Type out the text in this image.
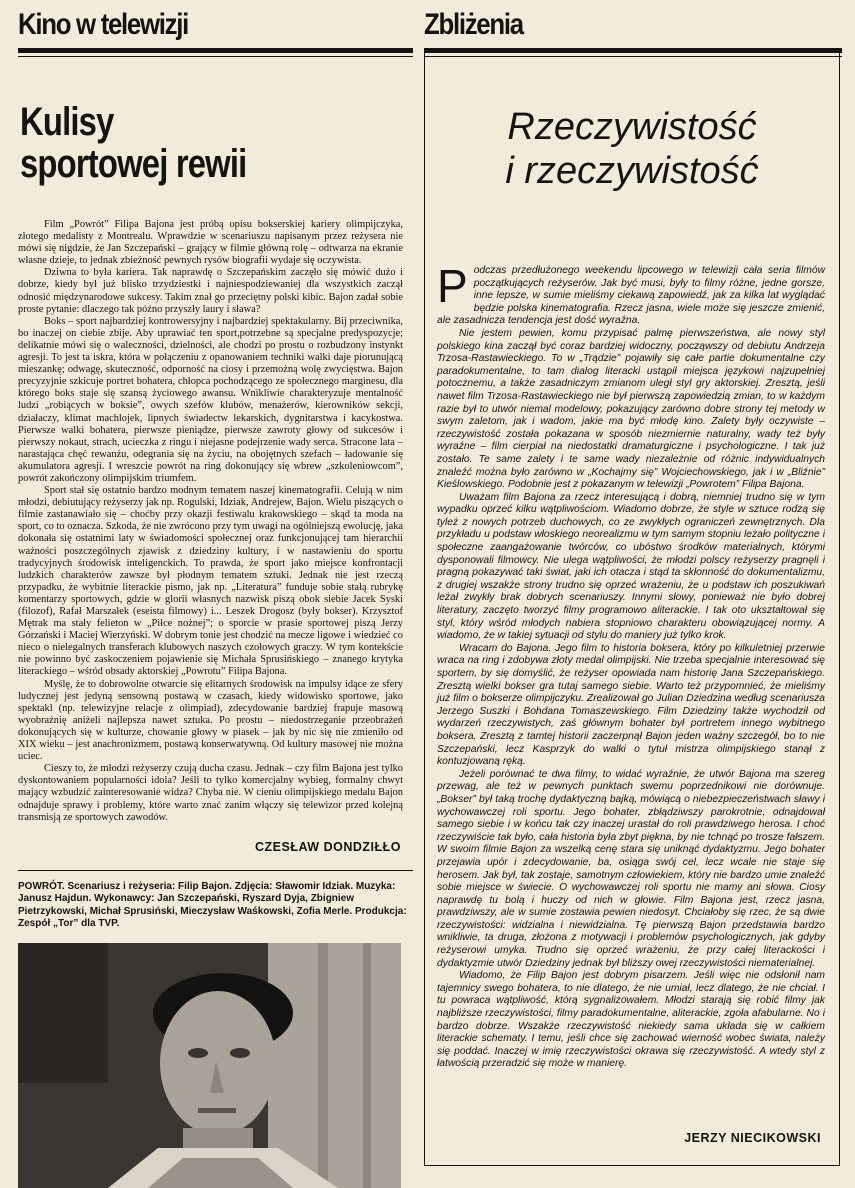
Kino w telewizji
Kulisy
sportowej rewii

Film „Powrót” Filipa Bajona jest próbą opisu bokserskiej kariery olimpijczyka, złotego medalisty z Montrealu. Wprawdzie w scenariuszu napisanym przez reżysera nie mówi się nigdzie, że Jan Szczepański – grający w filmie główną rolę – odtwarza na ekranie własne dzieje, to jednak zbieżność pewnych rysów biografii wydaje się oczywista.

Dziwna to była kariera. Tak naprawdę o Szczepańskim zaczęło się mówić dużo i dobrze, kiedy był już blisko trzydziestki i najniespodziewaniej dla wszystkich zaczął odnosić międzynarodowe sukcesy. Takim znał go przeciętny polski kibic. Bajon zadał sobie proste pytanie: dlaczego tak późno przyszły laury i sława?

Boks – sport najbardziej kontrowersyjny i najbardziej spektakularny. Bij przeciwnika, bo inaczej on ciebie zbije. Aby uprawiać ten sport,potrzebne są specjalne predyspozycje; delikatnie mówi się o waleczności, dzielności, ale chodzi po prostu o rozbudzony instynkt agresji. To jest ta iskra, która w połączeniu z opanowaniem techniki walki daje piorunującą mieszankę; odwagę, skuteczność, odporność na ciosy i przemożną wolę zwycięstwa. Bajon precyzyjnie szkicuje portret bohatera, chłopca pochodzącego ze społecznego marginesu, dla którego boks staje się szansą życiowego awansu. Wnikliwie charakteryzuje mentalność ludzi „robiących w boksie”, owych szefów klubów, menażerów, kierowników sekcji, działaczy, klimat machlojek, lipnych świadectw lekarskich, dygnitarstwa i kacykostwa. Pierwsze walki bohatera, pierwsze pieniądze, pierwsze zawroty głowy od sukcesów i pierwszy nokaut, strach, ucieczka z ringu i niejasne podejrzenie wady serca. Stracone lata – narastająca chęć rewanżu, odegrania się na życiu, na obojętnych szefach – ładowanie się akumulatora agresji. I wreszcie powrót na ring dokonujący się wbrew „szkoleniowcom”, powrót zakończony olimpijskim triumfem.

Sport stał się ostatnio bardzo modnym tematem naszej kinematografii. Celują w nim młodzi, debiutujący reżyserzy jak np. Rogulski, Idziak, Andrejew, Bajon. Wielu piszących o filmie zastanawiało się – choćby przy okazji festiwalu krakowskiego – skąd ta moda na sport, co to oznacza. Szkoda, że nie zwrócono przy tym uwagi na ogólniejszą ewolucję, jaka dokonała się ostatnimi laty w świadomości społecznej oraz funkcjonującej tam hierarchii ważności poszczególnych zjawisk z dziedziny kultury, i w nastawieniu do sportu tradycyjnych środowisk inteligenckich. To prawda, że sport jako miejsce konfrontacji ludzkich charakterów zawsze był płodnym tematem sztuki. Jednak nie jest rzeczą przypadku, że wybitnie literackie pismo, jak np. „Literatura” funduje sobie stałą rubrykę komentarzy sportowych, gdzie w glorii własnych nazwisk piszą obok siebie Jacek Syski (filozof), Rafał Marszałek (eseista filmowy) i... Leszek Drogosz (były bokser). Krzysztof Mętrak ma stały felieton w „Piłce nożnej”; o sporcie w prasie sportowej piszą Jerzy Górzański i Maciej Wierzyński. W dobrym tonie jest chodzić na mecze ligowe i wiedzieć co nieco o nielegalnych transferach klubowych naszych czołowych graczy. W tym kontekście nie powinno być zaskoczeniem pojawienie się Michała Sprusińskiego – znanego krytyka literackiego – wśród obsady aktorskiej „Powrotu” Filipa Bajona.

Myślę, że to dobrowolne otwarcie się elitarnych środowisk na impulsy idące ze sfery ludycznej jest jedyną sensowną postawą w czasach, kiedy widowisko sportowe, jako spektakl (np. telewizyjne relacje z olimpiad), zdecydowanie bardziej frapuje masową wyobraźnię aniżeli najlepsza nawet sztuka. Po prostu – niedostrzeganie przeobrażeń dokonujących się w kulturze, chowanie głowy w piasek – jak by nic się nie zmieniło od XIX wieku – jest anachronizmem, postawą konserwatywną. Od kultury masowej nie można uciec.

Cieszy to, że młodzi reżyserzy czują ducha czasu. Jednak – czy film Bajona jest tylko dyskontowaniem popularności idola? Jeśli to tylko komercjalny wybieg, formalny chwyt mający wzbudzić zainteresowanie widza? Chyba nie. W cieniu olimpijskiego medalu Bajon odnajduje sprawy i problemy, które warto znać zanim włączy się telewizor przed kolejną transmisją ze sportowych zawodów.

CZESŁAW DONDZIŁŁO
POWRÓT. Scenariusz i reżyseria: Filip Bajon. Zdjęcia: Sławomir Idziak. Muzyka: Janusz Hajdun. Wykonawcy: Jan Szczepański, Ryszard Dyja, Zbigniew Pietrzykowski, Michał Sprusiński, Mieczysław Waśkowski, Zofia Merle. Produkcja: Zespół „Tor” dla TVP.
Zbliżenia
Rzeczywistość
i rzeczywistość

Podczas przedłużonego weekendu lipcowego w telewizji cała seria filmów początkujących reżyserów. Jak być musi, były to filmy różne, jedne gorsze, inne lepsze, w sumie mieliśmy ciekawą zapowiedź, jak za kilka lat wyglądać będzie polska kinematografia. Rzecz jasna, wiele może się jeszcze zmienić, ale zasadnicza tendencja jest dość wyraźna.

Nie jestem pewien, komu przypisać palmę pierwszeństwa, ale nowy styl polskiego kina zaczął być coraz bardziej widoczny, począwszy od debiutu Andrzeja Trzosa-Rastawieckiego. To w „Trądzie” pojawiły się całe partie dokumentalne czy paradokumentalne, to tam dialog literacki ustąpił miejsca językowi najzupełniej potocznemu, a także zasadniczym zmianom uległ styl gry aktorskiej. Zresztą, jeśli nawet film Trzosa-Rastawieckiego nie był pierwszą zapowiedzią zmian, to w każdym razie był to utwór niemal modelowy, pokazujący zarówno dobre strony tej metody w swym zaletom, jak i wadom, jakie ma być młodę kino. Zalety były oczywiste – rzeczywistość została pokazana w sposób niezmiernie naturalny, wady też były wyraźne – film cierpiał na niedostatki dramaturgiczne i psychologiczne. I tak już zostało. Te same zalety i te same wady niezależnie od różnic indywidualnych znaleźć można było zarówno w „Kochajmy się” Wojciechowskiego, jak i w „Bliźnie” Kieślowskiego. Podobnie jest z pokazanym w telewizji „Powrotem” Filipa Bajona.

Uważam film Bajona za rzecz interesującą i dobrą, niemniej trudno się w tym wypadku oprzeć kilku wątpliwościom. Wiadomo dobrze, że style w sztuce rodzą się tyleż z nowych potrzeb duchowych, co ze zwykłych ograniczeń zewnętrznych. Dla przykładu u podstaw włoskiego neorealizmu w tym samym stopniu leżało polityczne i społeczne zaangażowanie twórców, co ubóstwo środków materialnych, którymi dysponowali filmowcy. Nie ulega wątpliwości, że młodzi polscy reżyserzy pragnęli i pragną pokazywać taki świat, jaki ich otacza i stąd ta skłonność do dokumentalizmu, z drugiej wszakże strony trudno się oprzeć wrażeniu, że u podstaw ich poszukiwań leżał zwykły brak dobrych scenariuszy. Innymi słowy, ponieważ nie było dobrej literatury, zaczęto tworzyć filmy programowo aliterackie. I tak oto ukształtował się styl, który wśród młodych nabiera stopniowo charakteru obowiązującej normy. A wiadomo, że w takiej sytuacji od stylu do maniery już tylko krok.

Wracam do Bajona. Jego film to historia boksera, który po kilkuletniej przerwie wraca na ring i zdobywa złoty medal olimpijski. Nie trzeba specjalnie interesować się sportem, by się domyślić, że reżyser opowiada nam historię Jana Szczepańskiego. Zresztą wielki bokser gra tutaj samego siebie. Warto też przypomnieć, że mieliśmy już film o bokserze olimpijczyku. Zrealizował go Julian Dziedzina według scenariusza Jerzego Suszki i Bohdana Tomaszewskiego. Film Dziedziny także wychodził od wydarzeń rzeczywistych, zaś głównym bohater był portretem innego wybitnego boksera. Zresztą z tamtej historii zaczerpnął Bajon jeden ważny szczegół, bo to nie Szczepański, lecz Kasprzyk do walki o tytuł mistrza olimpijskiego stanął z kontuzjowaną ręką.

Jeżeli porównać te dwa filmy, to widać wyraźnie, że utwór Bajona ma szereg przewag, ale też w pewnych punktach swemu poprzednikowi nie dorównuje. „Bokser” był taką trochę dydaktyczną bajką, mówiącą o niebezpieczeństwach sławy i wychowawczej roli sportu. Jego bohater, zbłądziwszy parokrotnie, odnajdował samego siebie i w końcu tak czy inaczej urastał do roli prawdziwego herosa. I choć rzeczywiście tak było, cała historia była zbyt piękna, by nie tchnąć po trosze fałszem. W swoim filmie Bajon za wszelką cenę stara się uniknąć dydaktyzmu. Jego bohater przejawia upór i zdecydowanie, ba, osiąga swój cel, lecz wcale nie staje się herosem. Jak był, tak zostaje, samotnym człowiekiem, który nie bardzo umie znaleźć sobie miejsce w świecie. O wychowawczej roli sportu nie mamy ani słowa. Ciosy naprawdę tu bolą i huczy od nich w głowie. Film Bajona jest, rzecz jasna, prawdziwszy, ale w sumie zostawia pewien niedosyt. Chciałoby się rzec, że są dwie rzeczywistości: widzialna i niewidzialna. Tę pierwszą Bajon przedstawia bardzo wnikliwie, ta druga, złożona z motywacji i problemów psychologicznych, jak gdyby reżyserowi umyka. Trudno się oprzeć wrażeniu, że przy całej literackości i dydaktyzmie utwór Dziedziny jednak był bliższy owej rzeczywistości niematerialnej.

Wiadomo, że Filip Bajon jest dobrym pisarzem. Jeśli więc nie odsłonił nam tajemnicy swego bohatera, to nie dlatego, że nie umiał, lecz dlatego, że nie chciał. I tu powraca wątpliwość, którą sygnalizowałem. Młodzi starają się robić filmy jak najbliższe rzeczywistości, filmy paradokumentalne, aliterackie, zgoła afabularne. No i bardzo dobrze. Wszakże rzeczywistość niekiedy sama układa się w całkiem literackie schematy. I temu, jeśli chce się zachować wierność wobec świata, należy się poddać. Inaczej w imię rzeczywistości okrawa się rzeczywistość. A wtedy styl z łatwością przeradzić się może w manierę.

JERZY NIECIKOWSKI
